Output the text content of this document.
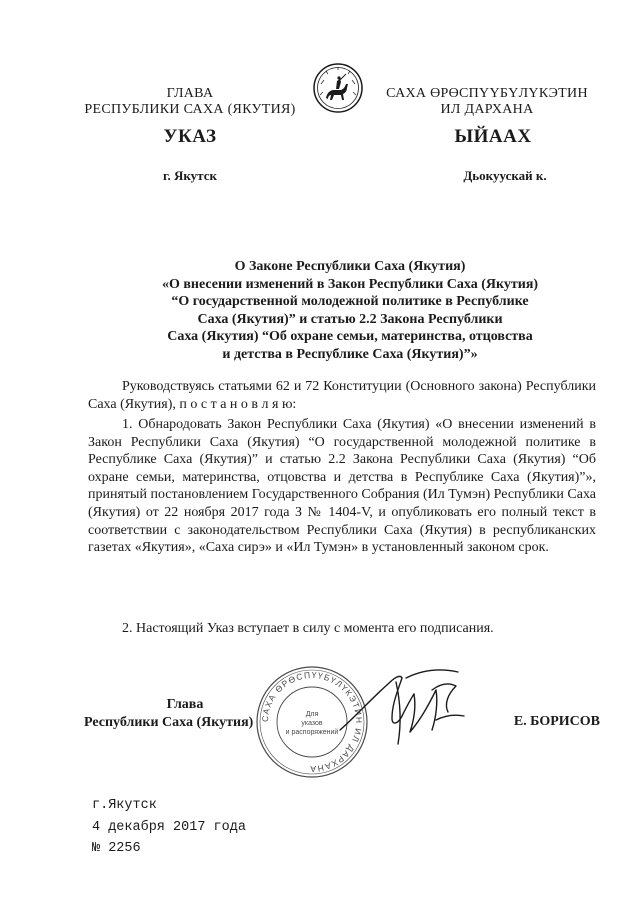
ГЛАВА
РЕСПУБЛИКИ САХА (ЯКУТИЯ)
САХА ӨРӨСПҮҮБҮЛҮКЭТИН
ИЛ ДАРХАНА
УКАЗ	ЫЙААХ
г. Якутск	Дьокуускай к.
О Законе Республики Саха (Якутия)
«О внесении изменений в Закон Республики Саха (Якутия)
“О государственной молодежной политике в Республике
Саха (Якутия)” и статью 2.2 Закона Республики
Саха (Якутия) “Об охране семьи, материнства, отцовства
и детства в Республике Саха (Якутия)”»
Руководствуясь статьями 62 и 72 Конституции (Основного закона) Республики Саха (Якутия), п о с т а н о в л я ю:
1. Обнародовать Закон Республики Саха (Якутия) «О внесении изменений в Закон Республики Саха (Якутия) “О государственной молодежной политике в Республике Саха (Якутия)” и статью 2.2 Закона Республики Саха (Якутия) “Об охране семьи, материнства, отцовства и детства в Республике Саха (Якутия)”», принятый постановлением Государственного Собрания (Ил Тумэн) Республики Саха (Якутия) от 22 ноября 2017 года З № 1404-V, и опубликовать его полный текст в соответствии с законодательством Республики Саха (Якутия) в республиканских газетах «Якутия», «Саха сирэ» и «Ил Тумэн» в установленный законом срок.
2. Настоящий Указ вступает в силу с момента его подписания.
Глава
Республики Саха (Якутия)	Е. БОРИСОВ
САХА ӨРӨСПҮҮБҮЛҮКЭТИН ИЛ ДАРХАНА
Для
указов
и распоряжений
г.Якутск
4 декабря 2017 года
№ 2256
